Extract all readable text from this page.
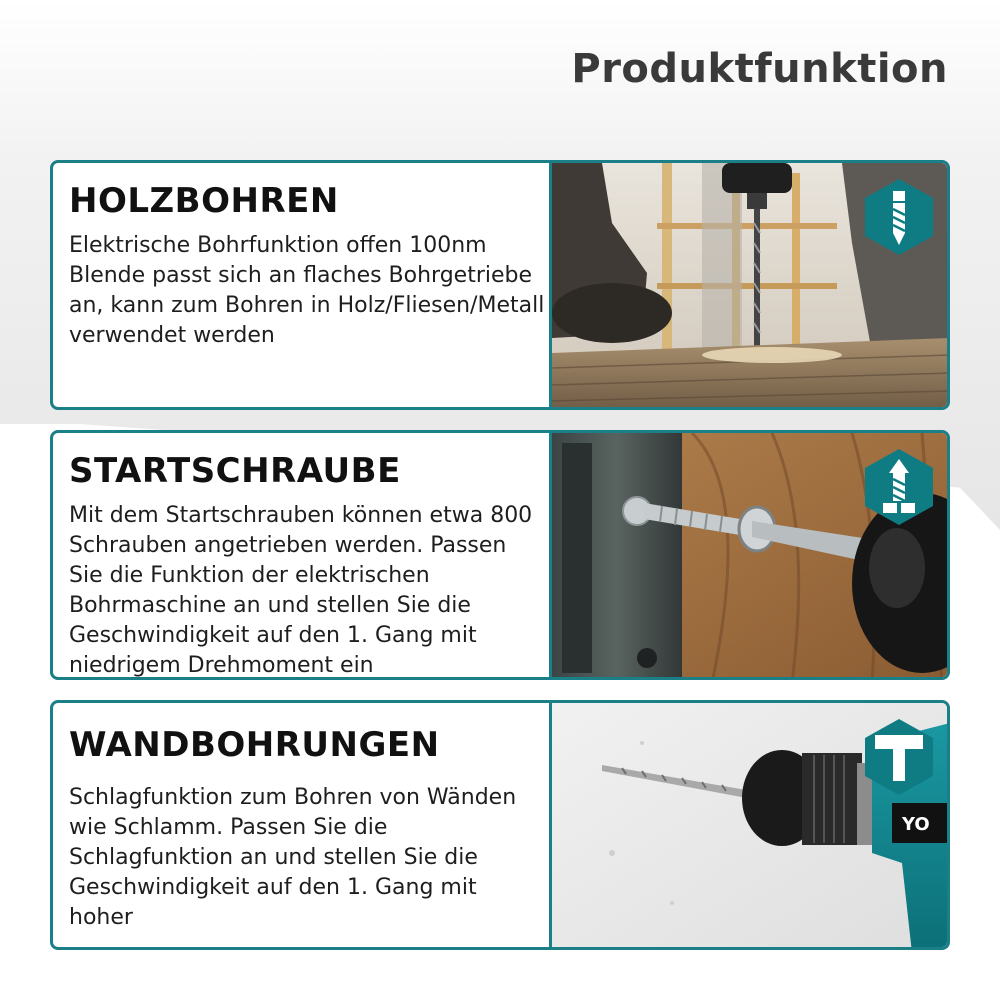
Produktfunktion
HOLZBOHREN
Elektrische Bohrfunktion offen 100nm Blende passt sich an flaches Bohrgetriebe an, kann zum Bohren in Holz/Fliesen/Metall verwendet werden
STARTSCHRAUBE
Mit dem Startschrauben können etwa 800 Schrauben angetrieben werden. Passen Sie die Funktion der elektrischen Bohrmaschine an und stellen Sie die Geschwindigkeit auf den 1. Gang mit niedrigem Drehmoment ein
WANDBOHRUNGEN
Schlagfunktion zum Bohren von Wänden wie Schlamm. Passen Sie die Schlagfunktion an und stellen Sie die Geschwindigkeit auf den 1. Gang mit hoher
YO
